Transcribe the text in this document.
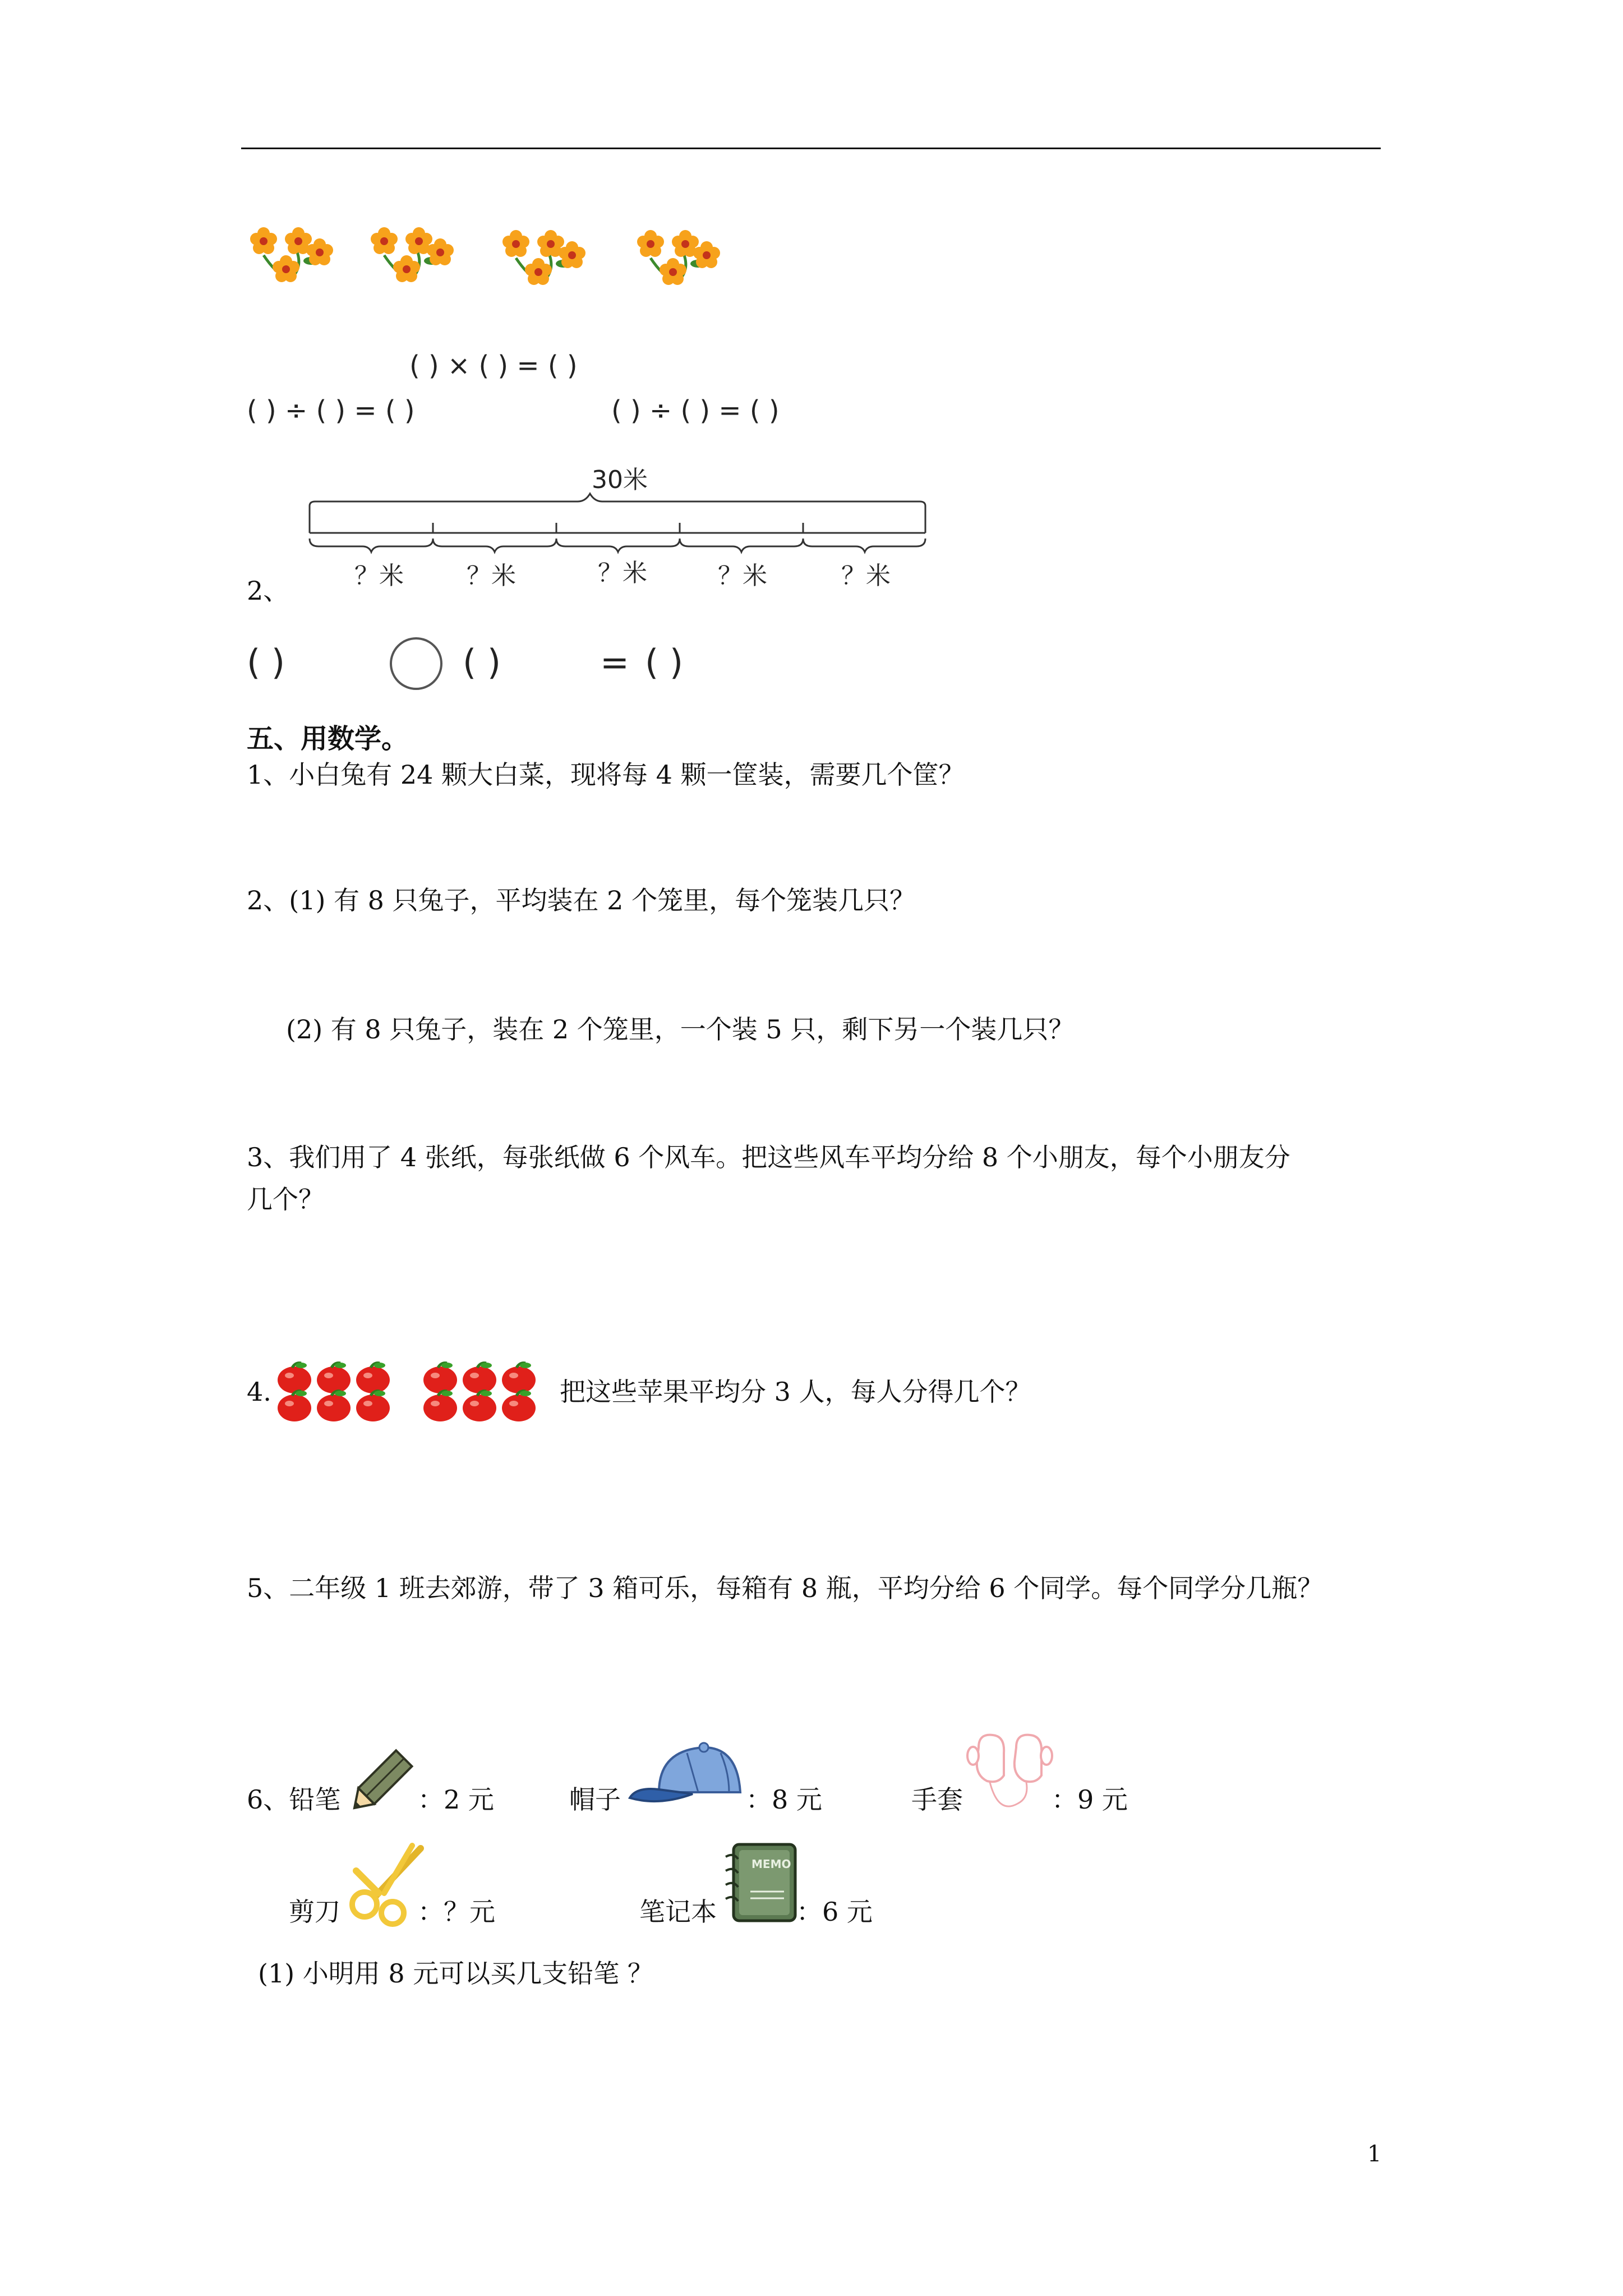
( ) × ( ) = ( )
( ) ÷ ( ) = ( )	( ) ÷ ( ) = ( )
30米
2、	？米	？米	？米	？米	？米
( )	( )	= ( )
五、用数学。
1、小白兔有 24 颗大白菜，现将每 4 颗一筐装，需要几个筐？
2、(1) 有 8 只兔子，平均装在 2 个笼里，每个笼装几只？
(2) 有 8 只兔子，装在 2 个笼里，一个装 5 只，剩下另一个装几只？
3、我们用了 4 张纸，每张纸做 6 个风车。把这些风车平均分给 8 个小朋友，每个小朋友分
几个？
4.	把这些苹果平均分 3 人，每人分得几个？
5、二年级 1 班去郊游，带了 3 箱可乐，每箱有 8 瓶，平均分给 6 个同学。每个同学分几瓶？
6、铅笔	：2 元	帽子	：8 元	手套	：9 元
剪刀	：？元	笔记本
MEMO
：6 元
(1) 小明用 8 元可以买几支铅笔 ？
1
